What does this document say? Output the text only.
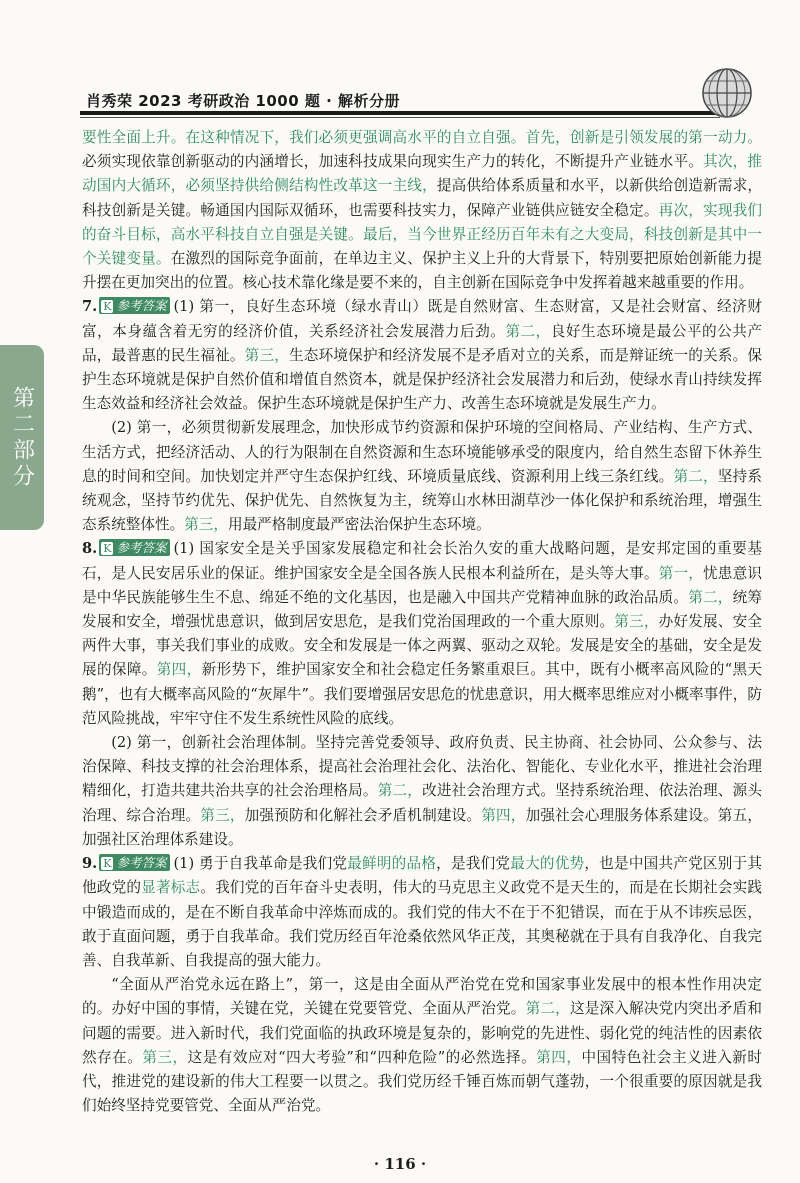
肖秀荣 2023 考研政治 1000 题 · 解析分册
第二部分

要性全面上升。在这种情况下，我们必须更强调高水平的自立自强。首先，创新是引领发展的第一动力。必须实现依靠创新驱动的内涵增长，加速科技成果向现实生产力的转化，不断提升产业链水平。其次，推动国内大循环，必须坚持供给侧结构性改革这一主线，提高供给体系质量和水平，以新供给创造新需求，科技创新是关键。畅通国内国际双循环，也需要科技实力，保障产业链供应链安全稳定。再次，实现我们的奋斗目标，高水平科技自立自强是关键。最后，当今世界正经历百年未有之大变局，科技创新是其中一个关键变量。在激烈的国际竞争面前，在单边主义、保护主义上升的大背景下，特别要把原始创新能力提升摆在更加突出的位置。核心技术靠化缘是要不来的，自主创新在国际竞争中发挥着越来越重要的作用。

7. K 参考答案 (1) 第一，良好生态环境（绿水青山）既是自然财富、生态财富，又是社会财富、经济财富，本身蕴含着无穷的经济价值，关系经济社会发展潜力后劲。第二，良好生态环境是最公平的公共产品，最普惠的民生福祉。第三，生态环境保护和经济发展不是矛盾对立的关系，而是辩证统一的关系。保护生态环境就是保护自然价值和增值自然资本，就是保护经济社会发展潜力和后劲，使绿水青山持续发挥生态效益和经济社会效益。保护生态环境就是保护生产力、改善生态环境就是发展生产力。

(2) 第一，必须贯彻新发展理念，加快形成节约资源和保护环境的空间格局、产业结构、生产方式、生活方式，把经济活动、人的行为限制在自然资源和生态环境能够承受的限度内，给自然生态留下休养生息的时间和空间。加快划定并严守生态保护红线、环境质量底线、资源利用上线三条红线。第二，坚持系统观念，坚持节约优先、保护优先、自然恢复为主，统筹山水林田湖草沙一体化保护和系统治理，增强生态系统整体性。第三，用最严格制度最严密法治保护生态环境。

8. K 参考答案 (1) 国家安全是关乎国家发展稳定和社会长治久安的重大战略问题，是安邦定国的重要基石，是人民安居乐业的保证。维护国家安全是全国各族人民根本利益所在，是头等大事。第一，忧患意识是中华民族能够生生不息、绵延不绝的文化基因，也是融入中国共产党精神血脉的政治品质。第二，统筹发展和安全，增强忧患意识，做到居安思危，是我们党治国理政的一个重大原则。第三，办好发展、安全两件大事，事关我们事业的成败。安全和发展是一体之两翼、驱动之双轮。发展是安全的基础，安全是发展的保障。第四，新形势下，维护国家安全和社会稳定任务繁重艰巨。其中，既有小概率高风险的“黑天鹅”，也有大概率高风险的“灰犀牛”。我们要增强居安思危的忧患意识，用大概率思维应对小概率事件，防范风险挑战，牢牢守住不发生系统性风险的底线。

(2) 第一，创新社会治理体制。坚持完善党委领导、政府负责、民主协商、社会协同、公众参与、法治保障、科技支撑的社会治理体系，提高社会治理社会化、法治化、智能化、专业化水平，推进社会治理精细化，打造共建共治共享的社会治理格局。第二，改进社会治理方式。坚持系统治理、依法治理、源头治理、综合治理。第三，加强预防和化解社会矛盾机制建设。第四，加强社会心理服务体系建设。第五，加强社区治理体系建设。

9. K 参考答案 (1) 勇于自我革命是我们党最鲜明的品格，是我们党最大的优势，也是中国共产党区别于其他政党的显著标志。我们党的百年奋斗史表明，伟大的马克思主义政党不是天生的，而是在长期社会实践中锻造而成的，是在不断自我革命中淬炼而成的。我们党的伟大不在于不犯错误，而在于从不讳疾忌医，敢于直面问题，勇于自我革命。我们党历经百年沧桑依然风华正茂，其奥秘就在于具有自我净化、自我完善、自我革新、自我提高的强大能力。

“全面从严治党永远在路上”，第一，这是由全面从严治党在党和国家事业发展中的根本性作用决定的。办好中国的事情，关键在党，关键在党要管党、全面从严治党。第二，这是深入解决党内突出矛盾和问题的需要。进入新时代，我们党面临的执政环境是复杂的，影响党的先进性、弱化党的纯洁性的因素依然存在。第三，这是有效应对“四大考验”和“四种危险”的必然选择。第四，中国特色社会主义进入新时代，推进党的建设新的伟大工程要一以贯之。我们党历经千锤百炼而朝气蓬勃，一个很重要的原因就是我们始终坚持党要管党、全面从严治党。

· 116 ·
